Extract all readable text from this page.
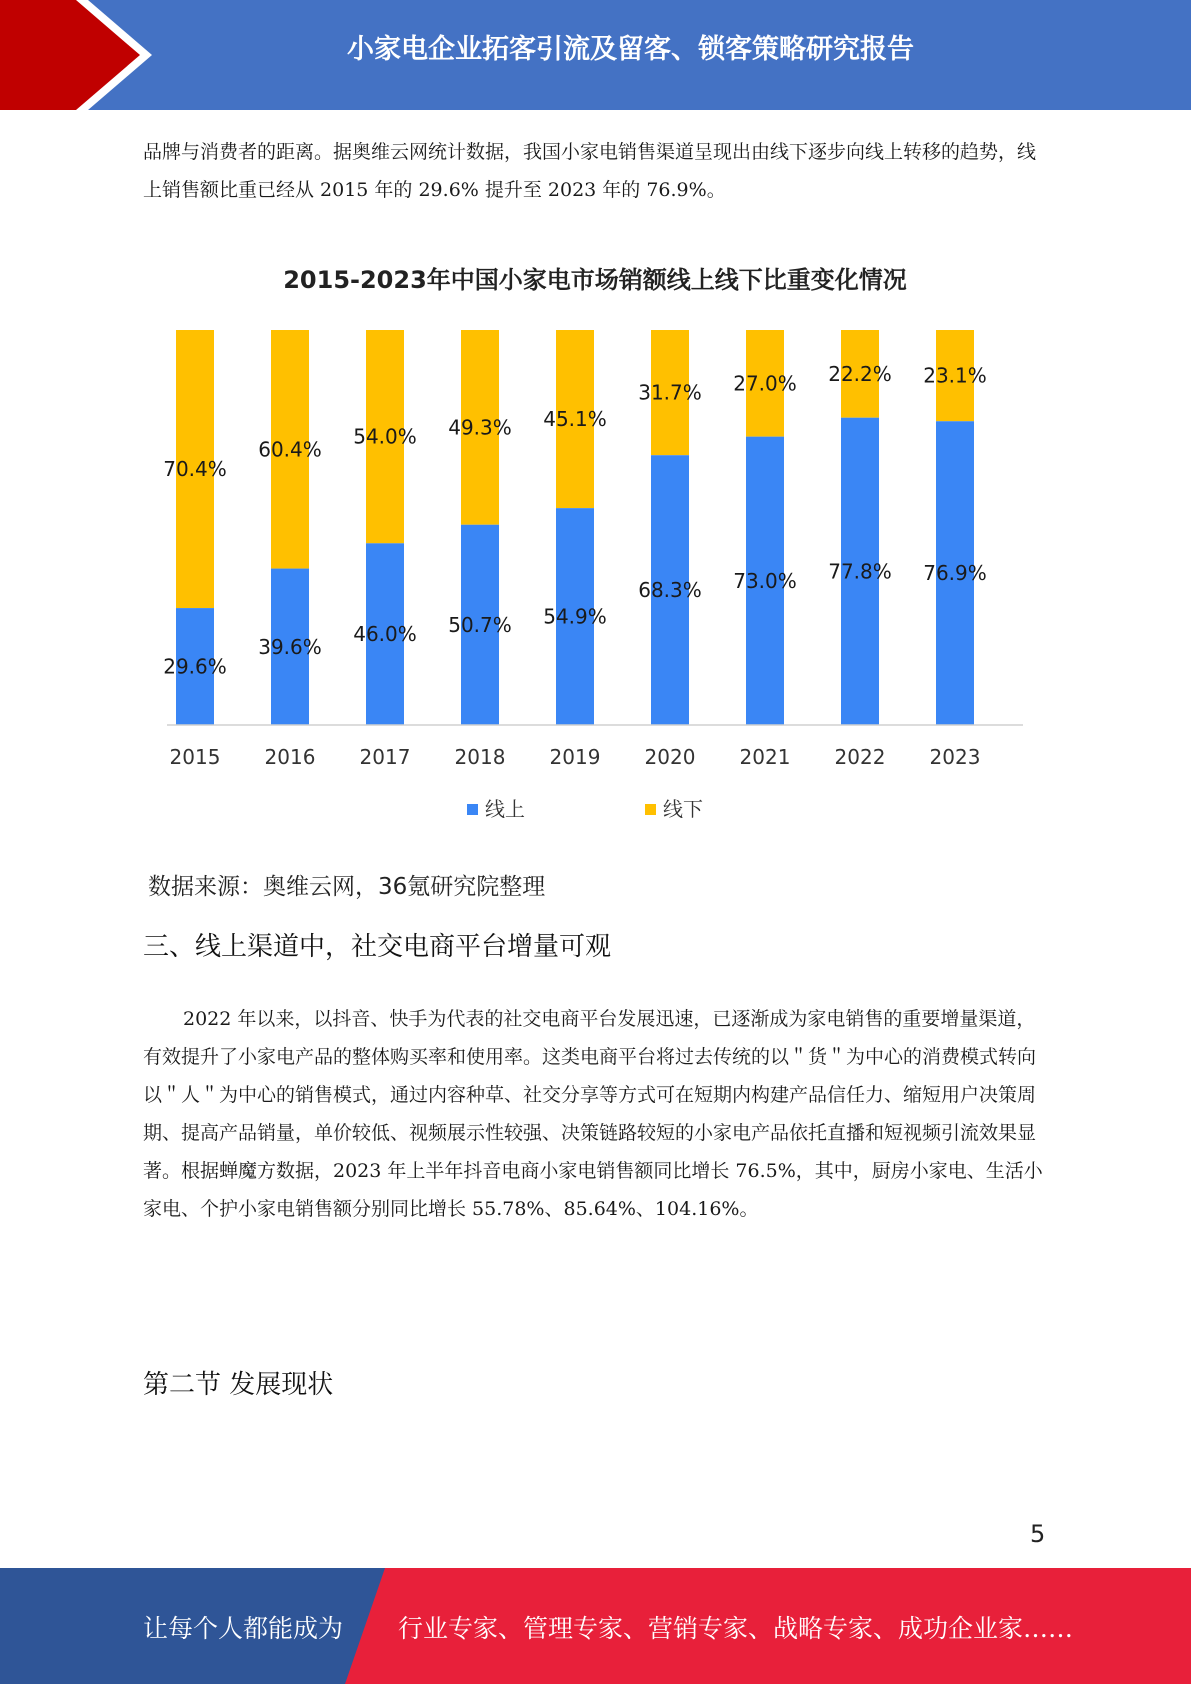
小家电企业拓客引流及留客、锁客策略研究报告

品牌与消费者的距离。据奥维云网统计数据，我国小家电销售渠道呈现出由线下逐步向线上转移的趋势，线上销售额比重已经从 2015 年的 29.6% 提升至 2023 年的 76.9%。

2015-2023年中国小家电市场销额线上线下比重变化情况
29.6%
70.4%
2015
39.6%
60.4%
2016
46.0%
54.0%
2017
50.7%
49.3%
2018
54.9%
45.1%
2019
68.3%
31.7%
2020
73.0%
27.0%
2021
77.8%
22.2%
2022
76.9%
23.1%
2023
线上	线下
数据来源：奥维云网，36氪研究院整理
三、线上渠道中，社交电商平台增量可观

2022 年以来，以抖音、快手为代表的社交电商平台发展迅速，已逐渐成为家电销售的重要增量渠道，有效提升了小家电产品的整体购买率和使用率。这类电商平台将过去传统的以＂货＂为中心的消费模式转向以＂人＂为中心的销售模式，通过内容种草、社交分享等方式可在短期内构建产品信任力、缩短用户决策周期、提高产品销量，单价较低、视频展示性较强、决策链路较短的小家电产品依托直播和短视频引流效果显著。根据蝉魔方数据，2023 年上半年抖音电商小家电销售额同比增长 76.5%，其中，厨房小家电、生活小家电、个护小家电销售额分别同比增长 55.78%、85.64%、104.16%。

第二节 发展现状
5
让每个人都能成为 行业专家、管理专家、营销专家、战略专家、成功企业家……
